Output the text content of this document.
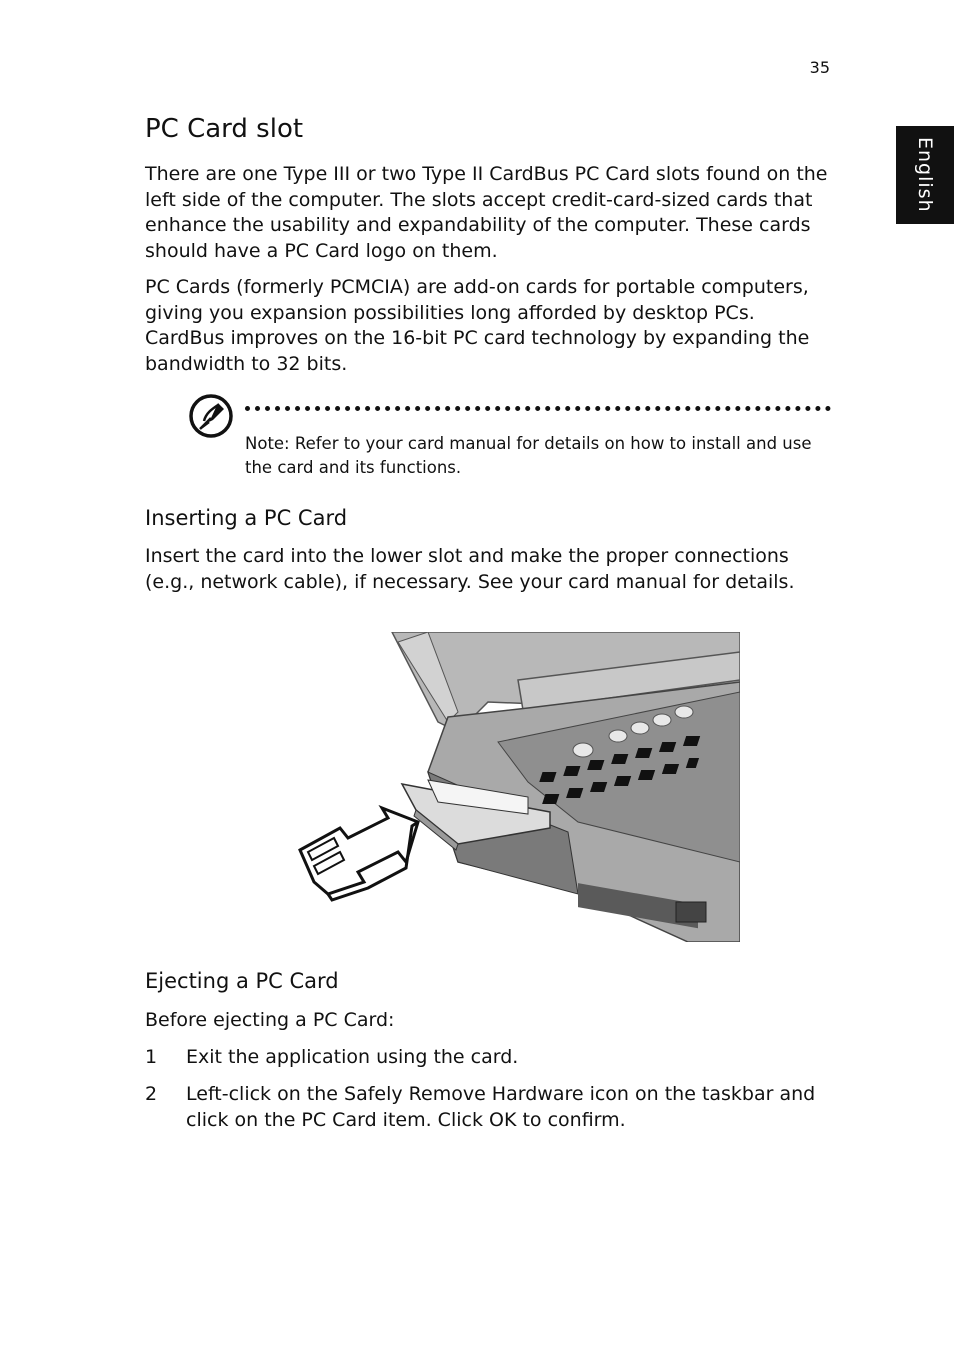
35
English
PC Card slot

There are one Type III or two Type II CardBus PC Card slots found on the left side of the computer. The slots accept credit-card-sized cards that enhance the usability and expandability of the computer. These cards should have a PC Card logo on them.

PC Cards (formerly PCMCIA) are add-on cards for portable computers, giving you expansion possibilities long afforded by desktop PCs. CardBus improves on the 16-bit PC card technology by expanding the bandwidth to 32 bits.

Inserting a PC Card

Insert the card into the lower slot and make the proper connections (e.g., network cable), if necessary. See your card manual for details.

Ejecting a PC Card

Before ejecting a PC Card:

Note: Refer to your card manual for details on how to install and use the card and its functions.
1	Exit the application using the card.
2	Left-click on the Safely Remove Hardware icon on the taskbar and click on the PC Card item. Click OK to confirm.
